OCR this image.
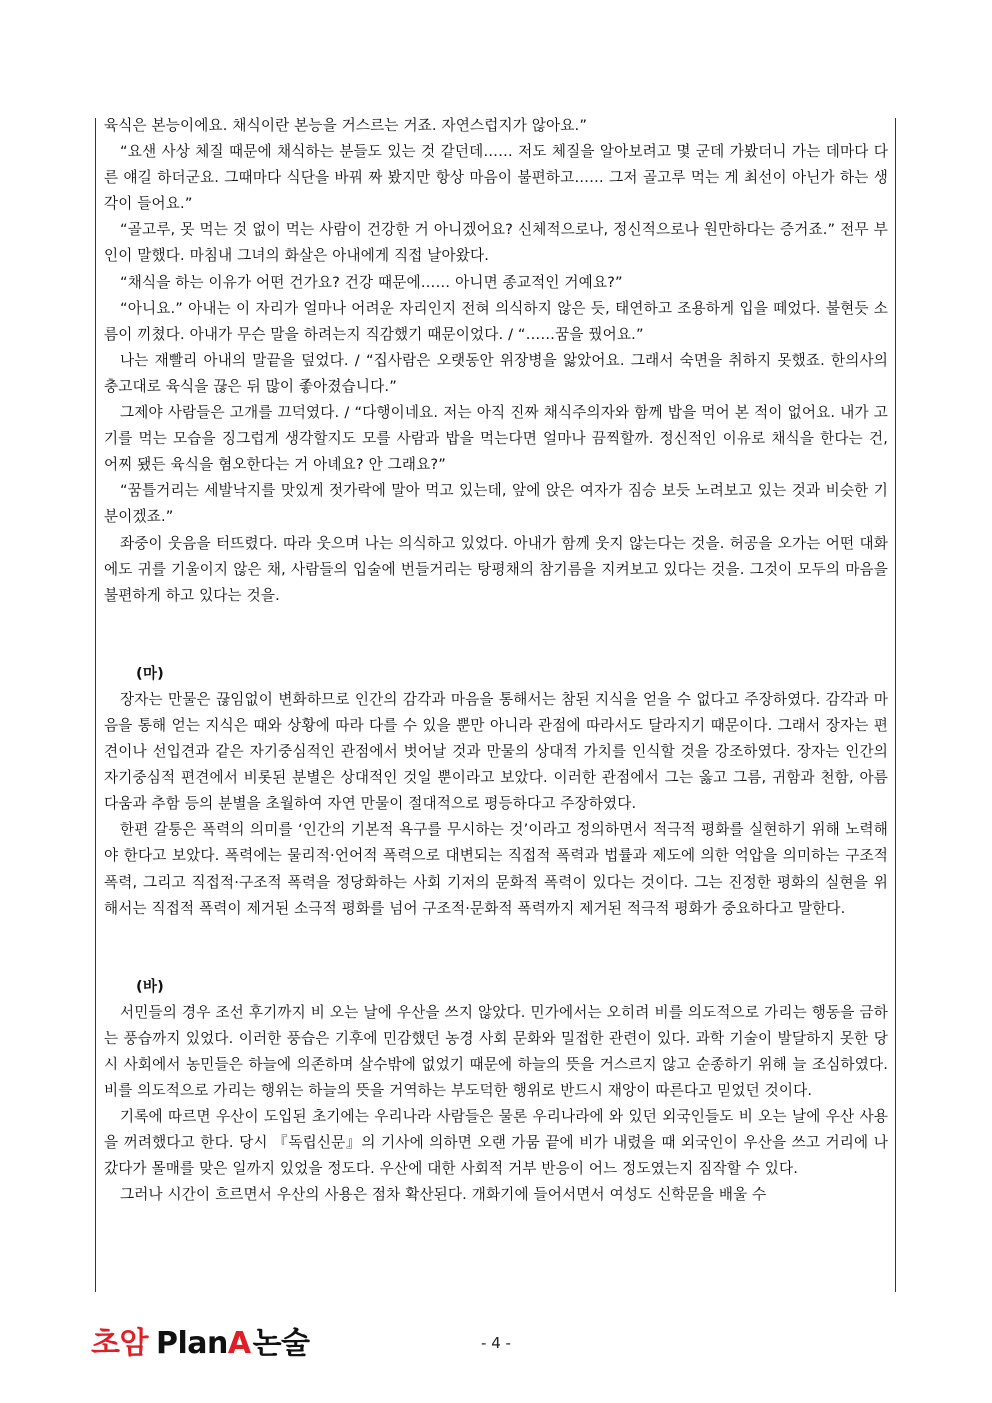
육식은 본능이에요. 채식이란 본능을 거스르는 거죠. 자연스럽지가 않아요.”

“요샌 사상 체질 때문에 채식하는 분들도 있는 것 같던데…… 저도 체질을 알아보려고 몇 군데 가봤더니 가는 데마다 다른 얘길 하더군요. 그때마다 식단을 바꿔 짜 봤지만 항상 마음이 불편하고…… 그저 골고루 먹는 게 최선이 아닌가 하는 생각이 들어요.”

“골고루, 못 먹는 것 없이 먹는 사람이 건강한 거 아니겠어요? 신체적으로나, 정신적으로나 원만하다는 증거죠.” 전무 부인이 말했다. 마침내 그녀의 화살은 아내에게 직접 날아왔다.

“채식을 하는 이유가 어떤 건가요? 건강 때문에…… 아니면 종교적인 거예요?”

“아니요.” 아내는 이 자리가 얼마나 어려운 자리인지 전혀 의식하지 않은 듯, 태연하고 조용하게 입을 떼었다. 불현듯 소름이 끼쳤다. 아내가 무슨 말을 하려는지 직감했기 때문이었다. / “……꿈을 꿨어요.”

나는 재빨리 아내의 말끝을 덮었다. / “집사람은 오랫동안 위장병을 앓았어요. 그래서 숙면을 취하지 못했죠. 한의사의 충고대로 육식을 끊은 뒤 많이 좋아졌습니다.”

그제야 사람들은 고개를 끄덕였다. / “다행이네요. 저는 아직 진짜 채식주의자와 함께 밥을 먹어 본 적이 없어요. 내가 고기를 먹는 모습을 징그럽게 생각할지도 모를 사람과 밥을 먹는다면 얼마나 끔찍할까. 정신적인 이유로 채식을 한다는 건, 어찌 됐든 육식을 혐오한다는 거 아녜요? 안 그래요?”

“꿈틀거리는 세발낙지를 맛있게 젓가락에 말아 먹고 있는데, 앞에 앉은 여자가 짐승 보듯 노려보고 있는 것과 비슷한 기분이겠죠.”

좌중이 웃음을 터뜨렸다. 따라 웃으며 나는 의식하고 있었다. 아내가 함께 웃지 않는다는 것을. 허공을 오가는 어떤 대화에도 귀를 기울이지 않은 채, 사람들의 입술에 번들거리는 탕평채의 참기름을 지켜보고 있다는 것을. 그것이 모두의 마음을 불편하게 하고 있다는 것을.

(마)

장자는 만물은 끊임없이 변화하므로 인간의 감각과 마음을 통해서는 참된 지식을 얻을 수 없다고 주장하였다. 감각과 마음을 통해 얻는 지식은 때와 상황에 따라 다를 수 있을 뿐만 아니라 관점에 따라서도 달라지기 때문이다. 그래서 장자는 편견이나 선입견과 같은 자기중심적인 관점에서 벗어날 것과 만물의 상대적 가치를 인식할 것을 강조하였다. 장자는 인간의 자기중심적 편견에서 비롯된 분별은 상대적인 것일 뿐이라고 보았다. 이러한 관점에서 그는 옳고 그름, 귀함과 천함, 아름다움과 추함 등의 분별을 초월하여 자연 만물이 절대적으로 평등하다고 주장하였다.

한편 갈퉁은 폭력의 의미를 ‘인간의 기본적 욕구를 무시하는 것’이라고 정의하면서 적극적 평화를 실현하기 위해 노력해야 한다고 보았다. 폭력에는 물리적·언어적 폭력으로 대변되는 직접적 폭력과 법률과 제도에 의한 억압을 의미하는 구조적 폭력, 그리고 직접적·구조적 폭력을 정당화하는 사회 기저의 문화적 폭력이 있다는 것이다. 그는 진정한 평화의 실현을 위해서는 직접적 폭력이 제거된 소극적 평화를 넘어 구조적·문화적 폭력까지 제거된 적극적 평화가 중요하다고 말한다.

(바)

서민들의 경우 조선 후기까지 비 오는 날에 우산을 쓰지 않았다. 민가에서는 오히려 비를 의도적으로 가리는 행동을 금하는 풍습까지 있었다. 이러한 풍습은 기후에 민감했던 농경 사회 문화와 밀접한 관련이 있다. 과학 기술이 발달하지 못한 당시 사회에서 농민들은 하늘에 의존하며 살수밖에 없었기 때문에 하늘의 뜻을 거스르지 않고 순종하기 위해 늘 조심하였다. 비를 의도적으로 가리는 행위는 하늘의 뜻을 거역하는 부도덕한 행위로 반드시 재앙이 따른다고 믿었던 것이다.

기록에 따르면 우산이 도입된 초기에는 우리나라 사람들은 물론 우리나라에 와 있던 외국인들도 비 오는 날에 우산 사용을 꺼려했다고 한다. 당시 『독립신문』의 기사에 의하면 오랜 가뭄 끝에 비가 내렸을 때 외국인이 우산을 쓰고 거리에 나갔다가 몰매를 맞은 일까지 있었을 정도다. 우산에 대한 사회적 거부 반응이 어느 정도였는지 짐작할 수 있다.

그러나 시간이 흐르면서 우산의 사용은 점차 확산된다. 개화기에 들어서면서 여성도 신학문을 배울 수

초암 Plan A 논술	- 4 -
